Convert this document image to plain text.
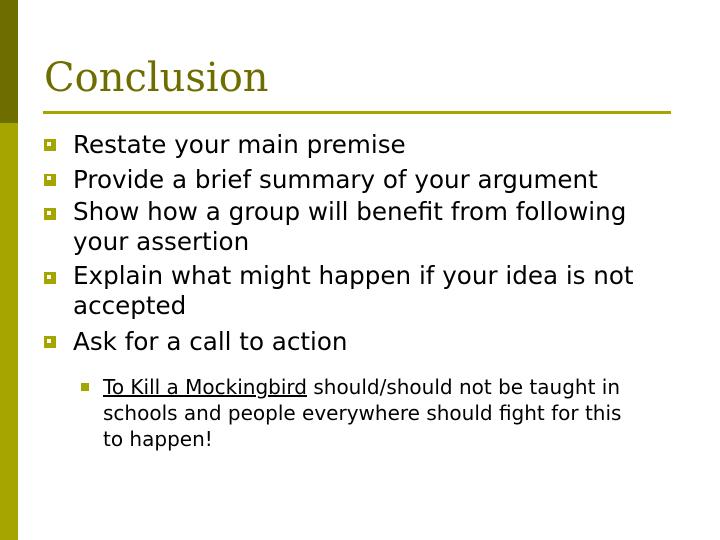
Conclusion
Restate your main premise
Provide a brief summary of your argument
Show how a group will benefit from following your assertion
Explain what might happen if your idea is not accepted
Ask for a call to action

To Kill a Mockingbird should/should not be taught in schools and people everywhere should fight for this to happen!
